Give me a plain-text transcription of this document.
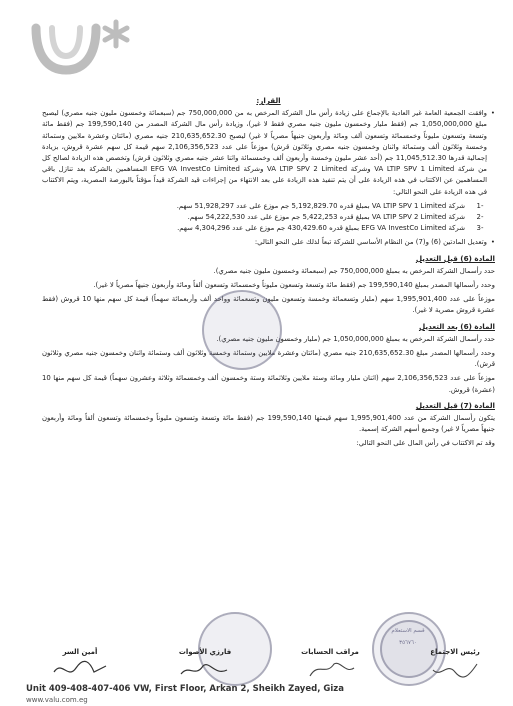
القرار:

• وافقت الجمعية العامة غير العادية بالإجماع على زيادة رأس مال الشركة المرخص به من 750,000,000 جم (سبعمائة وخمسون مليون جنيه مصري) ليصبح مبلغ 1,050,000,000 جم (فقط مليار وخمسون مليون جنيه مصري فقط لا غير)، وزيادة رأس مال الشركة المصدر من 199,590,140 جم (فقط مائة وتسعة وتسعون مليوناً وخمسمائة وتسعون ألف ومائة وأربعون جنيهاً مصرياً لا غير) ليصبح 210,635,652.30 جنيه مصري (مائتان وعشرة ملايين وستمائة وخمسة وثلاثون ألف وستمائة واثنان وخمسون جنيه مصري وثلاثون قرش) موزعاً على عدد 2,106,356,523 سهم قيمة كل سهم عشرة قروش، بزيادة إجمالية قدرها 11,045,512.30 جم (أحد عشر مليون وخمسة وأربعون ألف وخمسمائة واثنا عشر جنيه مصري وثلاثون قرش) وتخصص هذه الزيادة لصالح كل من شركة VA LTIP SPV 1 Limited وشركة VA LTIP SPV 2 Limited وشركة EFG VA InvestCo Limited المساهمين بالشركة بعد تنازل باقي المساهمين عن الاكتتاب في هذه الزيادة على أن يتم تنفيذ هذه الزيادة على بعد الانتهاء من إجراءات قيد الشركة قيداً مؤقتاً بالبورصة المصرية، ويتم الاكتتاب في هذه الزيادة على النحو التالي:

-1
شركة VA LTIP SPV 1 Limited بمبلغ قدره 5,192,829.70 جم موزع على عدد 51,928,297 سهم.
-2
شركة VA LTIP SPV 2 Limited بمبلغ قدره 5,422,253 جم موزع على عدد 54,222,530 سهم.
-3
شركة EFG VA InvestCo Limited بمبلغ قدره 430,429.60 جم موزع على عدد 4,304,296 سهم.

• وتعديل المادتين (6) و(7) من النظام الأساسي للشركة تبعاً لذلك على النحو التالي:

المادة (6) قبل التعديل

حدد رأسمال الشركة المرخص به بمبلغ 750,000,000 جم (سبعمائة وخمسون مليون جنيه مصري).

وحدد رأسمالها المصدر بمبلغ 199,590,140 جم (فقط مائة وتسعة وتسعون مليوناً وخمسمائة وتسعون ألفاً ومائة وأربعون جنيهاً مصرياً لا غير).

موزعاً على عدد 1,995,901,400 سهم (مليار وتسعمائة وخمسة وتسعون مليون وتسعمائة وواحد ألف وأربعمائة سهماً) قيمة كل سهم منها 10 قروش (فقط عشرة قروش مصرية لا غير).

المادة (6) بعد التعديل

حدد رأسمال الشركة المرخص به بمبلغ 1,050,000,000 جم (مليار وخمسون مليون جنيه مصري).

وحدد رأسمالها المصدر مبلغ 210,635,652.30 جنيه مصري (مائتان وعشرة ملايين وستمائة وخمسة وثلاثون ألف وستمائة واثنان وخمسون جنيه مصري وثلاثون قرش).

موزعاً على عدد 2,106,356,523 سهم (اثنان مليار ومائة وستة ملايين وثلاثمائة وستة وخمسون ألف وخمسمائة وثلاثة وعشرون سهماً) قيمة كل سهم منها 10 (عشرة) قروش.

المادة (7) قبل التعديل

يتكون رأسمال الشركة من عدد 1,995,901,400 سهم قيمتها 199,590,140 جم (فقط مائة وتسعة وتسعون مليوناً وخمسمائة وتسعون ألفاً ومائة وأربعون جنيهاً مصرياً لا غير) وجميع أسهم الشركة إسمية.

وقد تم الاكتتاب في رأس المال على النحو التالي:

قسم الاستعلام
٣٥٦٧٦٠
أمين السر	فارزي الأصوات	مراقب الحسابات	رئيس الاجتماع
Unit 409-408-407-406 VW, First Floor, Arkan 2, Sheikh Zayed, Giza
www.valu.com.eg
